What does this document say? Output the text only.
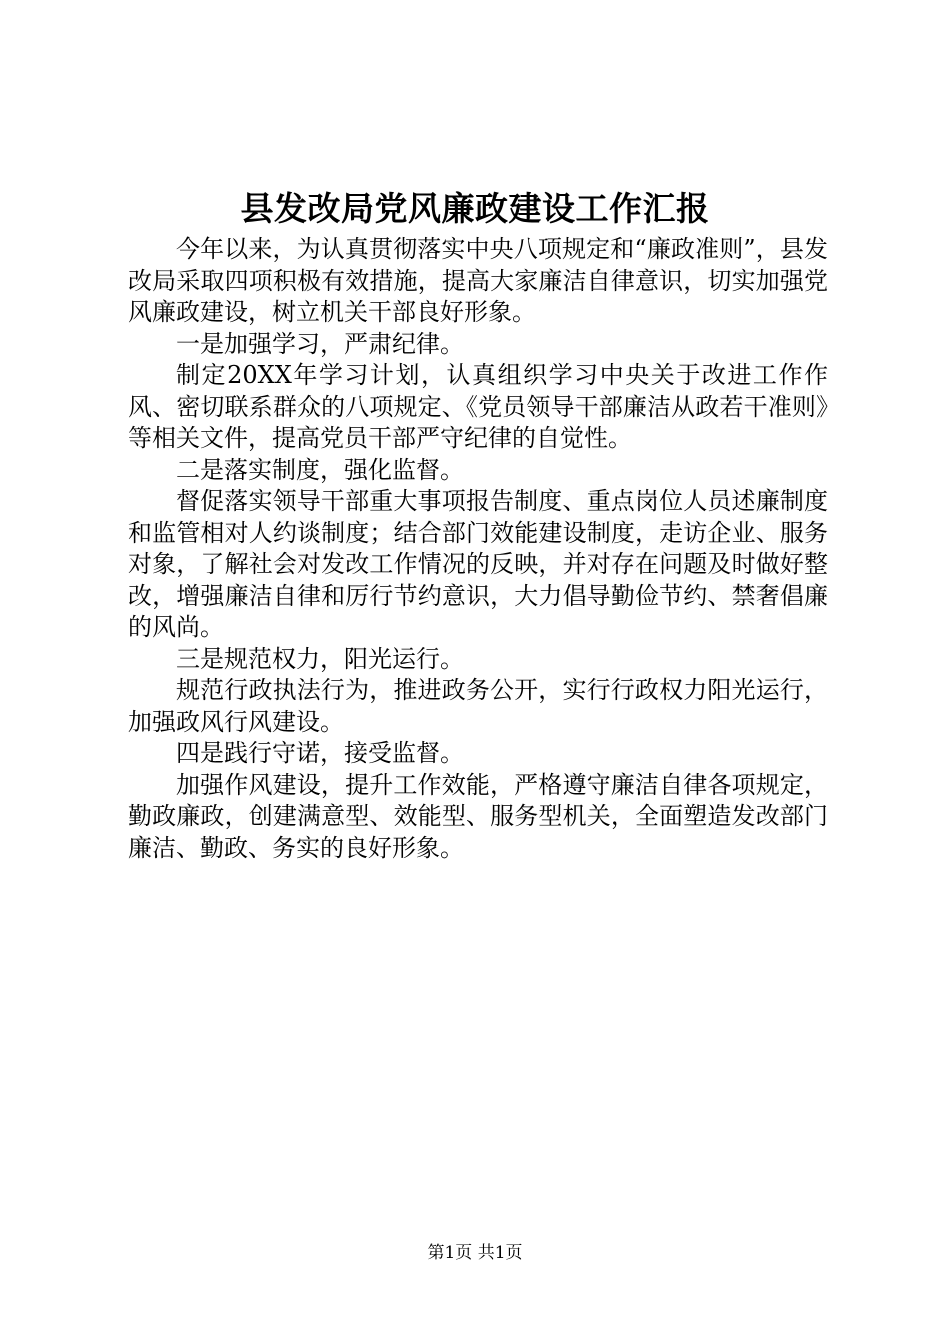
县发改局党风廉政建设工作汇报

今年以来，为认真贯彻落实中央八项规定和“廉政准则”，县发改局采取四项积极有效措施，提高大家廉洁自律意识，切实加强党风廉政建设，树立机关干部良好形象。

一是加强学习，严肃纪律。

制定20XX年学习计划，认真组织学习中央关于改进工作作风、密切联系群众的八项规定、《党员领导干部廉洁从政若干准则》等相关文件，提高党员干部严守纪律的自觉性。

二是落实制度，强化监督。

督促落实领导干部重大事项报告制度、重点岗位人员述廉制度和监管相对人约谈制度；结合部门效能建设制度，走访企业、服务对象，了解社会对发改工作情况的反映，并对存在问题及时做好整改，增强廉洁自律和厉行节约意识，大力倡导勤俭节约、禁奢倡廉的风尚。

三是规范权力，阳光运行。

规范行政执法行为，推进政务公开，实行行政权力阳光运行，加强政风行风建设。

四是践行守诺，接受监督。

加强作风建设，提升工作效能，严格遵守廉洁自律各项规定，勤政廉政，创建满意型、效能型、服务型机关，全面塑造发改部门廉洁、勤政、务实的良好形象。

第1页 共1页
